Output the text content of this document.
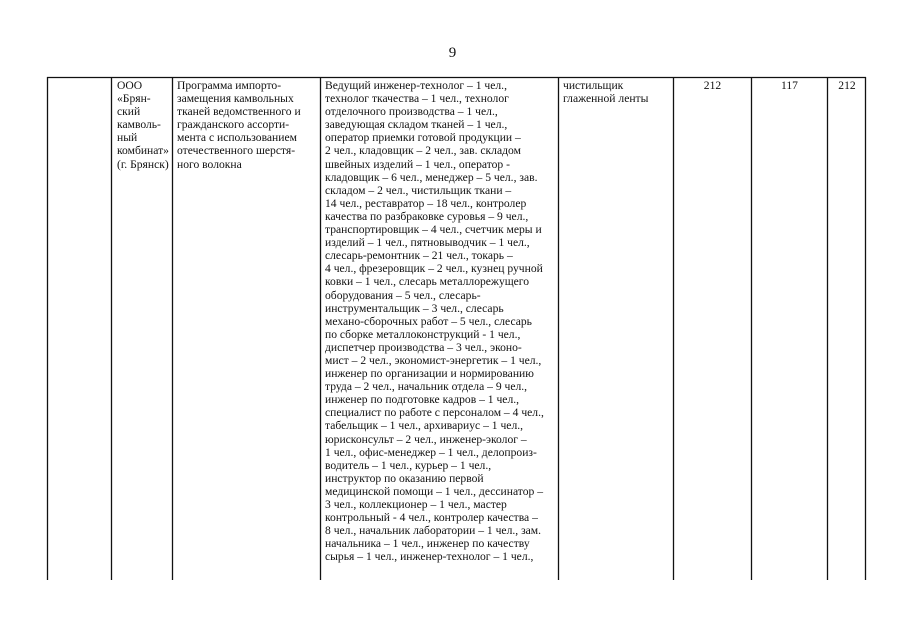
9
ООО
«Брян-
ский
камволь-
ный
комбинат»
(г. Брянск)
Программа импорто-
замещения камвольных
тканей ведомственного и
гражданского ассорти-
мента с использованием
отечественного шерстя-
ного волокна
Ведущий инженер-технолог – 1 чел.,
технолог ткачества – 1 чел., технолог
отделочного производства – 1 чел.,
заведующая складом тканей – 1 чел.,
оператор приемки готовой продукции –
2 чел., кладовщик – 2 чел., зав. складом
швейных изделий – 1 чел., оператор -
кладовщик – 6 чел., менеджер – 5 чел., зав.
складом – 2 чел., чистильщик ткани –
14 чел., реставратор – 18 чел., контролер
качества по разбраковке суровья – 9 чел.,
транспортировщик – 4 чел., счетчик меры и
изделий – 1 чел., пятновыводчик – 1 чел.,
слесарь-ремонтник – 21 чел., токарь –
4 чел., фрезеровщик – 2 чел., кузнец ручной
ковки – 1 чел., слесарь металлорежущего
оборудования – 5 чел., слесарь-
инструментальщик – 3 чел., слесарь
механо-сборочных работ – 5 чел., слесарь
по сборке металлоконструкций - 1 чел.,
диспетчер производства – 3 чел., эконо-
мист – 2 чел., экономист-энергетик – 1 чел.,
инженер по организации и нормированию
труда – 2 чел., начальник отдела – 9 чел.,
инженер по подготовке кадров – 1 чел.,
специалист по работе с персоналом – 4 чел.,
табельщик – 1 чел., архивариус – 1 чел.,
юрисконсульт – 2 чел., инженер-эколог –
1 чел., офис-менеджер – 1 чел., делопроиз-
водитель – 1 чел., курьер – 1 чел.,
инструктор по оказанию первой
медицинской помощи – 1 чел., дессинатор –
3 чел., коллекционер – 1 чел., мастер
контрольный - 4 чел., контролер качества –
8 чел., начальник лаборатории – 1 чел., зам.
начальника – 1 чел., инженер по качеству
сырья – 1 чел., инженер-технолог – 1 чел.,
чистильщик
глаженной ленты
212	117	212
